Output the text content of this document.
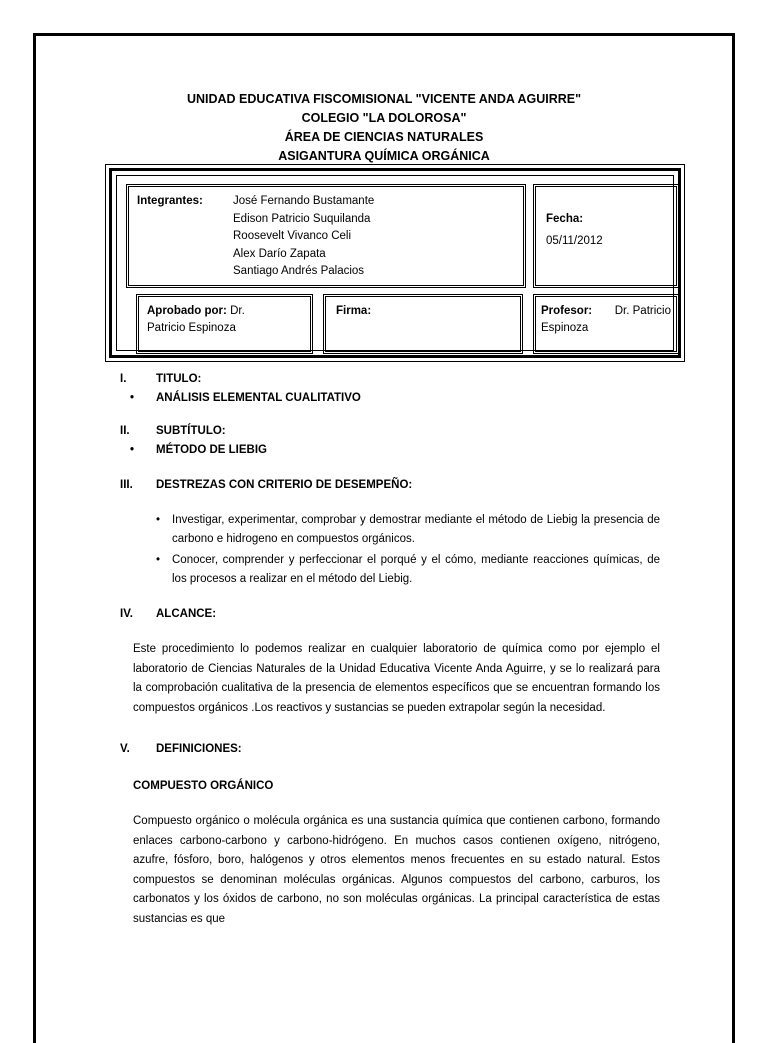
UNIDAD EDUCATIVA FISCOMISIONAL "VICENTE ANDA AGUIRRE"
COLEGIO "LA DOLOROSA"
ÁREA DE CIENCIAS NATURALES
ASIGANTURA QUÍMICA ORGÁNICA
Integrantes:	José Fernando Bustamante
Edison Patricio Suquilanda
Roosevelt Vivanco Celi
Alex Darío Zapata
Santiago Andrés Palacios
Fecha:
05/11/2012
Aprobado por: Dr.
Patricio Espinoza
Firma:	Profesor: Dr. Patricio
Espinoza
I.	TITULO:
•	ANÁLISIS ELEMENTAL CUALITATIVO
II.	SUBTÍTULO:
•	MÉTODO DE LIEBIG
III.	DESTREZAS CON CRITERIO DE DESEMPEÑO:
•	Investigar, experimentar, comprobar y demostrar mediante el método de Liebig la presencia de carbono e hidrogeno en compuestos orgánicos.
•	Conocer, comprender y perfeccionar el porqué y el cómo, mediante reacciones químicas, de los procesos a realizar en el método del Liebig.
IV.	ALCANCE:
Este procedimiento lo podemos realizar en cualquier laboratorio de química como por ejemplo el laboratorio de Ciencias Naturales de la Unidad Educativa Vicente Anda Aguirre, y se lo realizará para la comprobación cualitativa de la presencia de elementos específicos que se encuentran formando los compuestos orgánicos .Los reactivos y sustancias se pueden extrapolar según la necesidad.
V.	DEFINICIONES:
COMPUESTO ORGÁNICO
Compuesto orgánico o molécula orgánica es una sustancia química que contienen carbono, formando enlaces carbono-carbono y carbono-hidrógeno. En muchos casos contienen oxígeno, nitrógeno, azufre, fósforo, boro, halógenos y otros elementos menos frecuentes en su estado natural. Estos compuestos se denominan moléculas orgánicas. Algunos compuestos del carbono, carburos, los carbonatos y los óxidos de carbono, no son moléculas orgánicas. La principal característica de estas sustancias es que
